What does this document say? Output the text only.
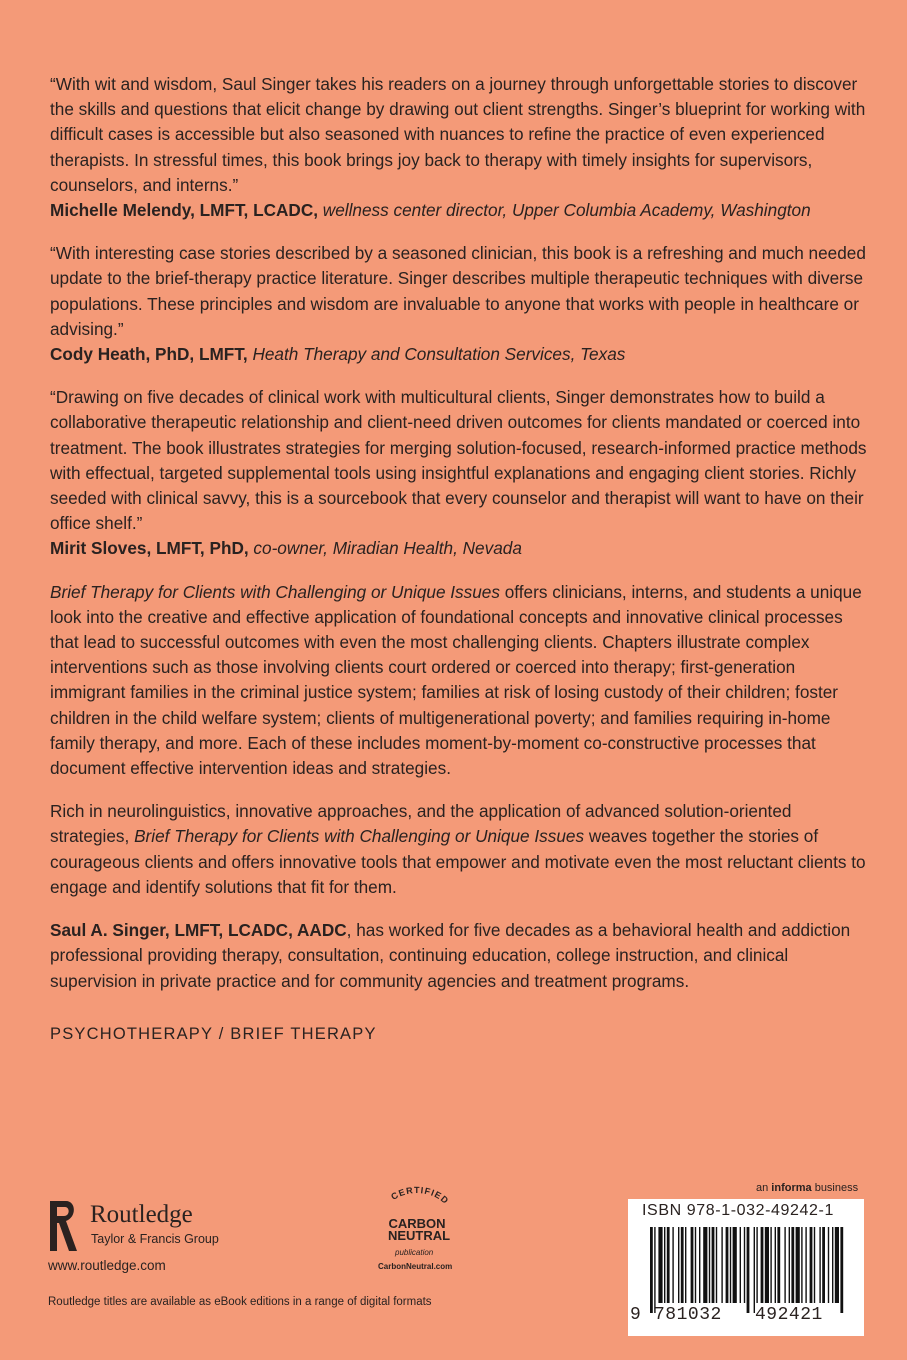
“With wit and wisdom, Saul Singer takes his readers on a journey through unforgettable stories to discover the skills and questions that elicit change by drawing out client strengths. Singer’s blueprint for working with difficult cases is accessible but also seasoned with nuances to refine the practice of even experienced therapists. In stressful times, this book brings joy back to therapy with timely insights for supervisors, counselors, and interns.”
Michelle Melendy, LMFT, LCADC, wellness center director, Upper Columbia Academy, Washington

“With interesting case stories described by a seasoned clinician, this book is a refreshing and much needed update to the brief-therapy practice literature. Singer describes multiple therapeutic techniques with diverse populations. These principles and wisdom are invaluable to anyone that works with people in healthcare or advising.”
Cody Heath, PhD, LMFT, Heath Therapy and Consultation Services, Texas

“Drawing on five decades of clinical work with multicultural clients, Singer demonstrates how to build a collaborative therapeutic relationship and client-need driven outcomes for clients mandated or coerced into treatment. The book illustrates strategies for merging solution-focused, research-informed practice methods with effectual, targeted supplemental tools using insightful explanations and engaging client stories. Richly seeded with clinical savvy, this is a sourcebook that every counselor and therapist will want to have on their office shelf.”
Mirit Sloves, LMFT, PhD, co-owner, Miradian Health, Nevada

Brief Therapy for Clients with Challenging or Unique Issues offers clinicians, interns, and students a unique look into the creative and effective application of foundational concepts and innovative clinical processes that lead to successful outcomes with even the most challenging clients. Chapters illustrate complex interventions such as those involving clients court ordered or coerced into therapy; first-generation immigrant families in the criminal justice system; families at risk of losing custody of their children; foster children in the child welfare system; clients of multigenerational poverty; and families requiring in-home family therapy, and more. Each of these includes moment-by-moment co-constructive processes that document effective intervention ideas and strategies.

Rich in neurolinguistics, innovative approaches, and the application of advanced solution-oriented strategies, Brief Therapy for Clients with Challenging or Unique Issues weaves together the stories of courageous clients and offers innovative tools that empower and motivate even the most reluctant clients to engage and identify solutions that fit for them.

Saul A. Singer, LMFT, LCADC, AADC, has worked for five decades as a behavioral health and addiction professional providing therapy, consultation, continuing education, college instruction, and clinical supervision in private practice and for community agencies and treatment programs.

PSYCHOTHERAPY / BRIEF THERAPY
Routledge
Taylor & Francis Group
www.routledge.com
Routledge titles are available as eBook editions in a range of digital formats
CERTIFIED
CARBON
NEUTRAL
publication
CarbonNeutral.com
an informa business
ISBN 978-1-032-49242-1
9 781032 492421
